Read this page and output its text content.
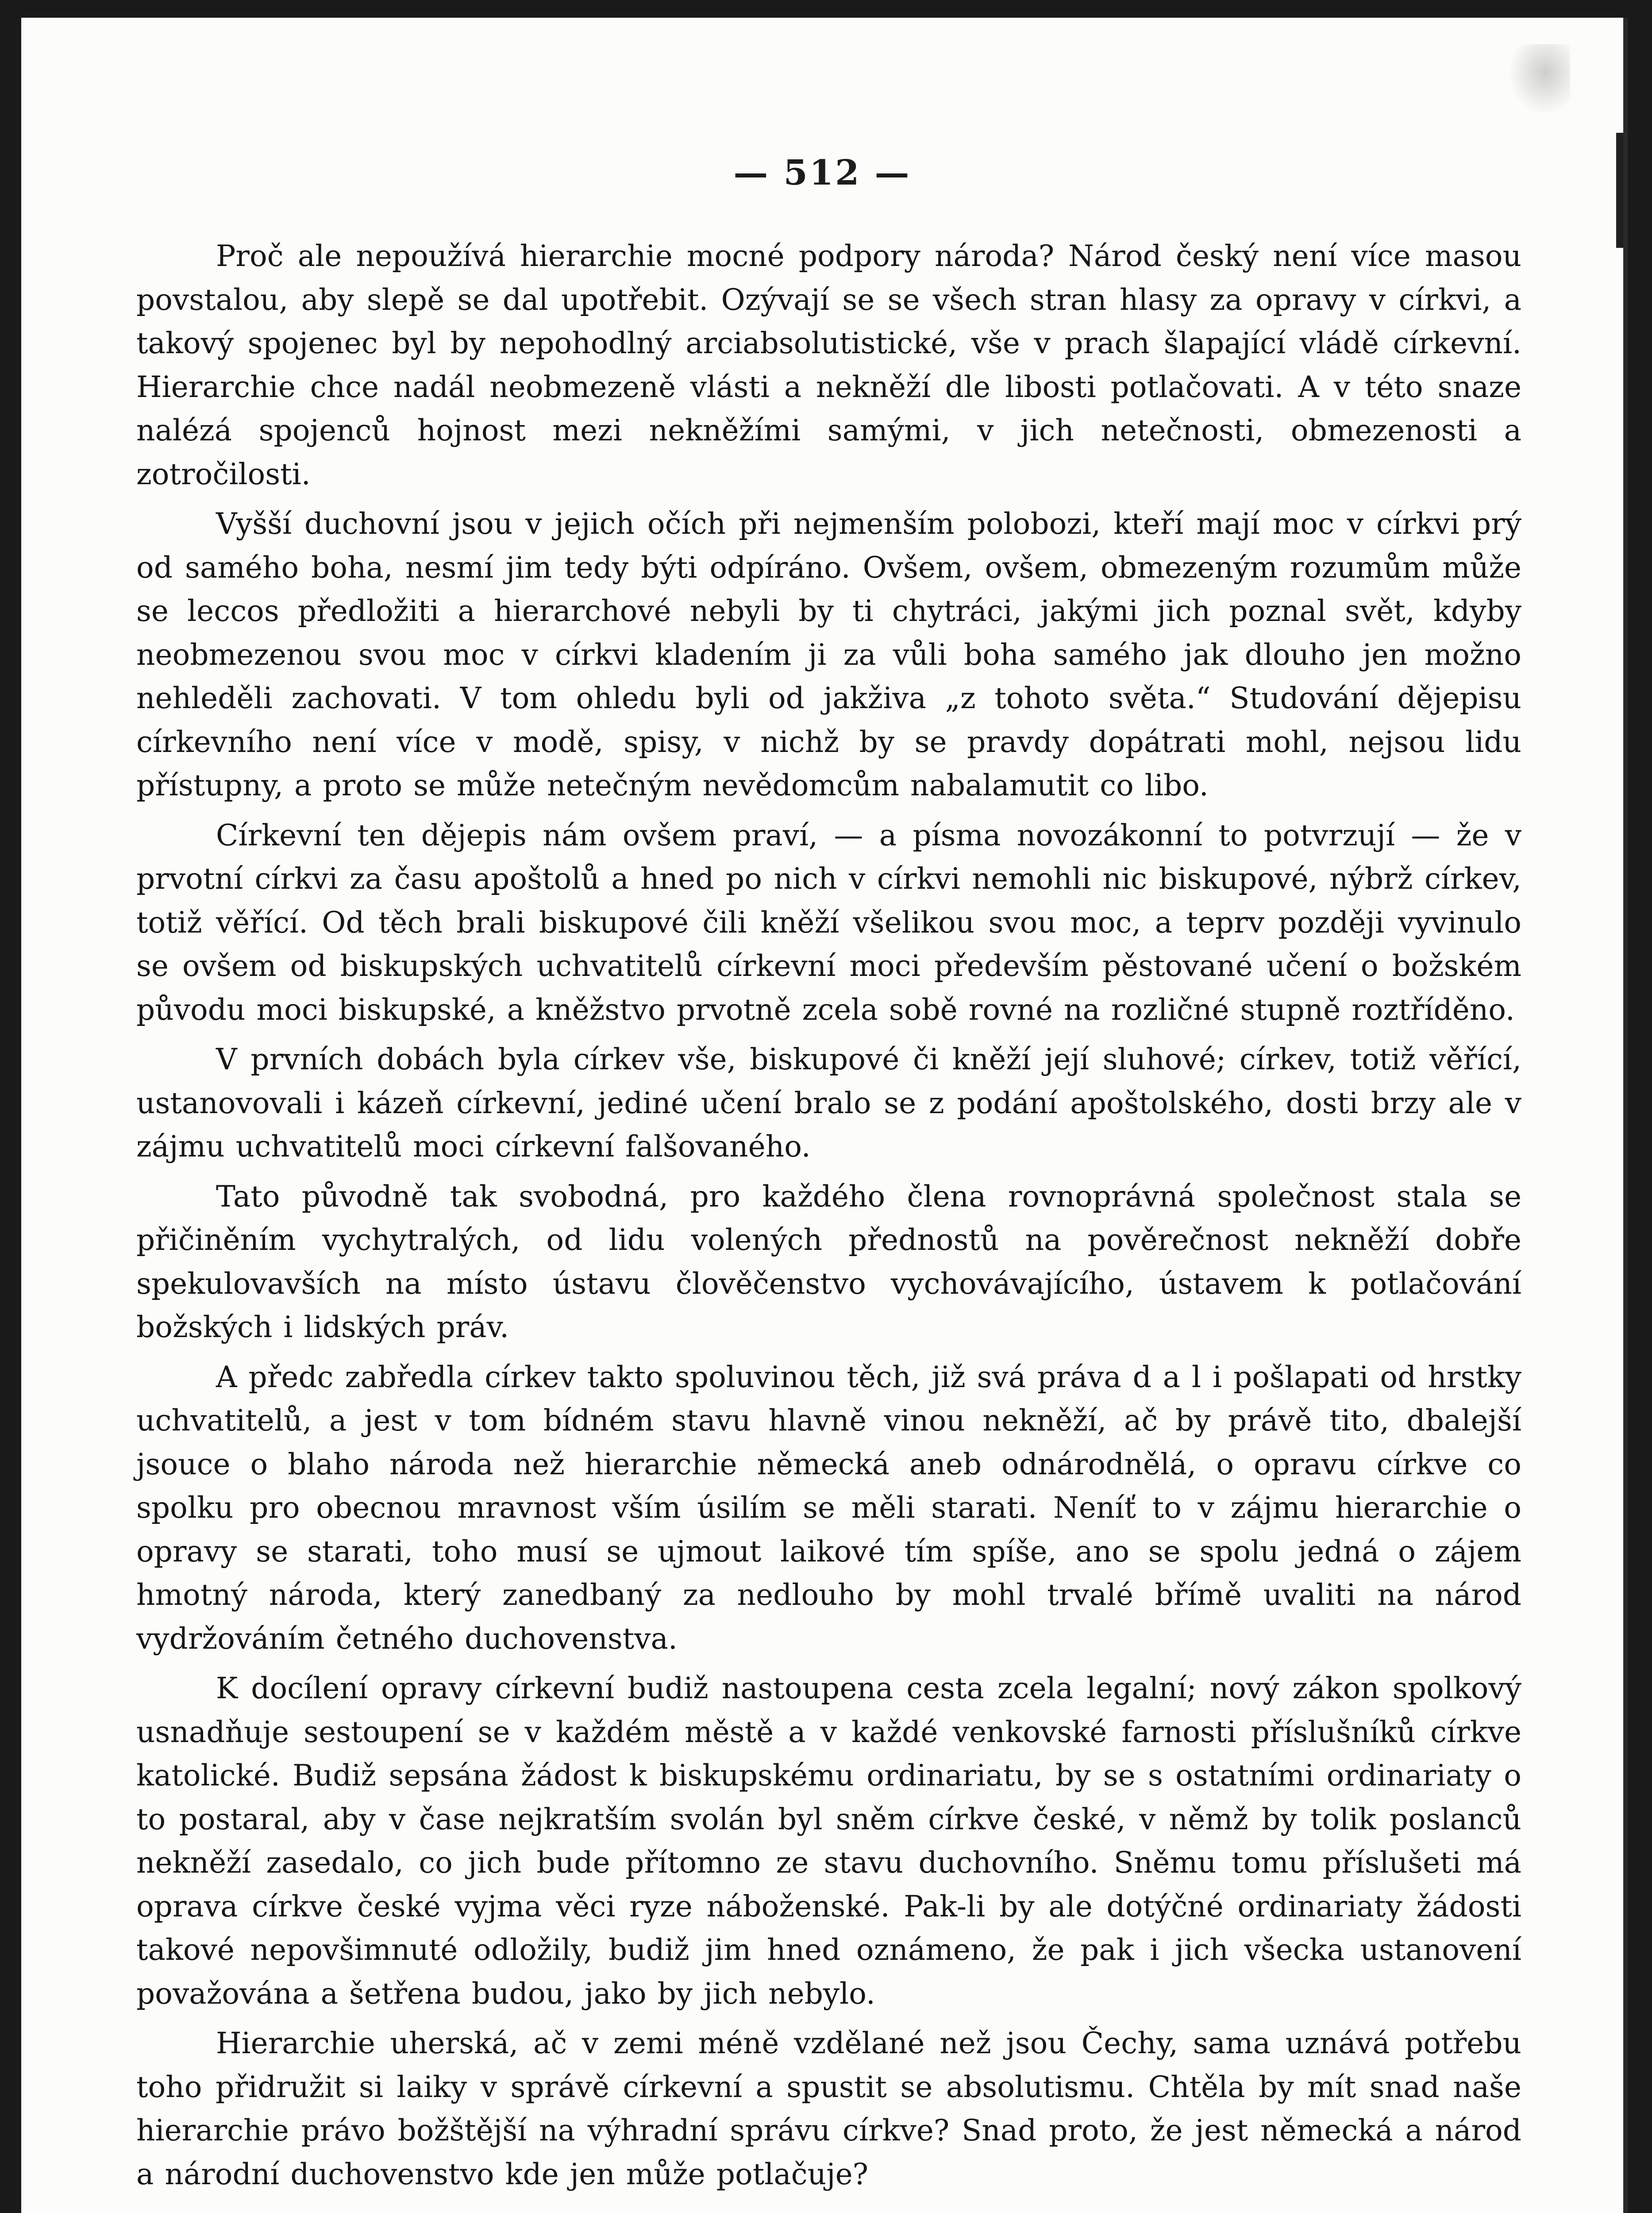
— 512 —

Proč ale nepoužívá hierarchie mocné podpory národa? Národ český není více masou povstalou, aby slepě se dal upotřebit. Ozývají se se všech stran hlasy za opravy v církvi, a takový spojenec byl by nepohodlný arciabsolutistické, vše v prach šlapající vládě církevní. Hierarchie chce nadál neobmezeně vlásti a nekněží dle libosti potlačovati. A v této snaze nalézá spojenců hojnost mezi nekněžími samými, v jich netečnosti, obmezenosti a zotročilosti.

Vyšší duchovní jsou v jejich očích při nejmenším polobozi, kteří mají moc v církvi prý od samého boha, nesmí jim tedy býti odpíráno. Ovšem, ovšem, obmezeným rozumům může se leccos předložiti a hierarchové nebyli by ti chytráci, jakými jich poznal svět, kdyby neobmezenou svou moc v církvi kladením ji za vůli boha samého jak dlouho jen možno nehleděli zachovati. V tom ohledu byli od jakživa „z tohoto světa.“ Studování dějepisu církevního není více v modě, spisy, v nichž by se pravdy dopátrati mohl, nejsou lidu přístupny, a proto se může netečným nevědomcům nabalamutit co libo.

Církevní ten dějepis nám ovšem praví, — a písma novozákonní to potvrzují — že v prvotní církvi za času apoštolů a hned po nich v církvi nemohli nic biskupové, nýbrž církev, totiž věřící. Od těch brali biskupové čili kněží všelikou svou moc, a teprv později vyvinulo se ovšem od biskupských uchvatitelů církevní moci především pěstované učení o božském původu moci biskupské, a kněžstvo prvotně zcela sobě rovné na rozličné stupně roztříděno.

V prvních dobách byla církev vše, biskupové či kněží její sluhové; církev, totiž věřící, ustanovovali i kázeň církevní, jediné učení bralo se z podání apoštolského, dosti brzy ale v zájmu uchvatitelů moci církevní falšovaného.

Tato původně tak svobodná, pro každého člena rovnoprávná společnost stala se přičiněním vychytralých, od lidu volených přednostů na pověrečnost nekněží dobře spekulovavších na místo ústavu člověčenstvo vychovávajícího, ústavem k potlačování božských i lidských práv.

A předc zabředla církev takto spoluvinou těch, již svá práva d a l i pošlapati od hrstky uchvatitelů, a jest v tom bídném stavu hlavně vinou nekněží, ač by právě tito, dbalejší jsouce o blaho národa než hierarchie německá aneb odnárodnělá, o opravu církve co spolku pro obecnou mravnost vším úsilím se měli starati. Neníť to v zájmu hierarchie o opravy se starati, toho musí se ujmout laikové tím spíše, ano se spolu jedná o zájem hmotný národa, který zanedbaný za nedlouho by mohl trvalé břímě uvaliti na národ vydržováním četného duchovenstva.

K docílení opravy církevní budiž nastoupena cesta zcela legalní; nový zákon spolkový usnadňuje sestoupení se v každém městě a v každé venkovské farnosti příslušníků církve katolické. Budiž sepsána žádost k biskupskému ordinariatu, by se s ostatními ordinariaty o to postaral, aby v čase nejkratším svolán byl sněm církve české, v němž by tolik poslanců nekněží zasedalo, co jich bude přítomno ze stavu duchovního. Sněmu tomu příslušeti má oprava církve české vyjma věci ryze náboženské. Pak-li by ale dotýčné ordinariaty žádosti takové nepovšimnuté odložily, budiž jim hned oznámeno, že pak i jich všecka ustanovení považována a šetřena budou, jako by jich nebylo.

Hierarchie uherská, ač v zemi méně vzdělané než jsou Čechy, sama uznává potřebu toho přidružit si laiky v správě církevní a spustit se absolutismu. Chtěla by mít snad naše hierarchie právo božštější na výhradní správu církve? Snad proto, že jest německá a národ a národní duchovenstvo kde jen může potlačuje?
